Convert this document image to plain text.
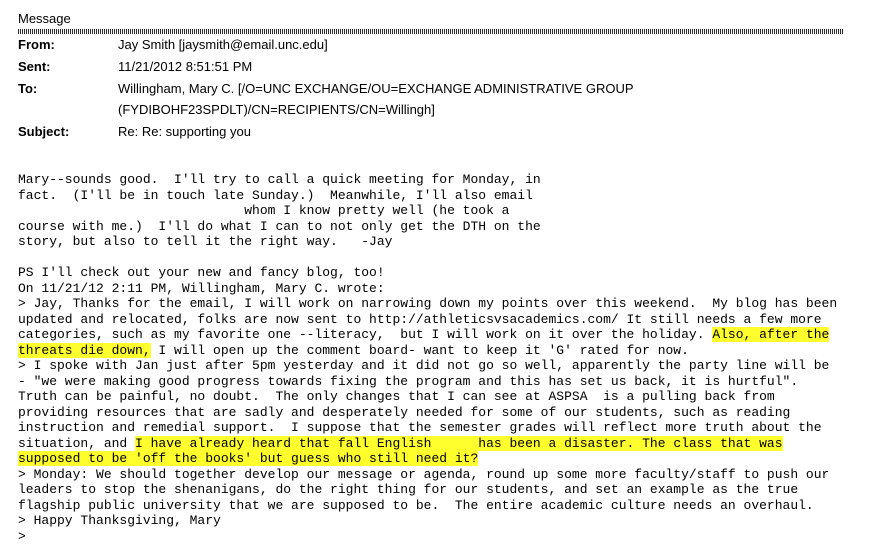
Message
From:	Jay Smith [jaysmith@email.unc.edu]
Sent:	11/21/2012 8:51:51 PM
To:	Willingham, Mary C. [/O=UNC EXCHANGE/OU=EXCHANGE ADMINISTRATIVE GROUP
(FYDIBOHF23SPDLT)/CN=RECIPIENTS/CN=Willingh]
Subject:	Re: Re: supporting you
Mary--sounds good.  I'll try to call a quick meeting for Monday, in
fact.  (I'll be in touch late Sunday.)  Meanwhile, I'll also email
whom I know pretty well (he took a
course with me.)  I'll do what I can to not only get the DTH on the
story, but also to tell it the right way.   -Jay

PS I'll check out your new and fancy blog, too!
On 11/21/12 2:11 PM, Willingham, Mary C. wrote:
> Jay, Thanks for the email, I will work on narrowing down my points over this weekend.  My blog has been
updated and relocated, folks are now sent to http://athleticsvsacademics.com/ It still needs a few more
categories, such as my favorite one --literacy,  but I will work on it over the holiday. Also, after the
threats die down, I will open up the comment board- want to keep it 'G' rated for now.
> I spoke with Jan just after 5pm yesterday and it did not go so well, apparently the party line will be
- "we were making good progress towards fixing the program and this has set us back, it is hurtful".
Truth can be painful, no doubt.  The only changes that I can see at ASPSA  is a pulling back from
providing resources that are sadly and desperately needed for some of our students, such as reading
instruction and remedial support.  I suppose that the semester grades will reflect more truth about the
situation, and I have already heard that fall English      has been a disaster. The class that was
supposed to be 'off the books' but guess who still need it?
> Monday: We should together develop our message or agenda, round up some more faculty/staff to push our
leaders to stop the shenanigans, do the right thing for our students, and set an example as the true
flagship public university that we are supposed to be.  The entire academic culture needs an overhaul.
> Happy Thanksgiving, Mary
>
